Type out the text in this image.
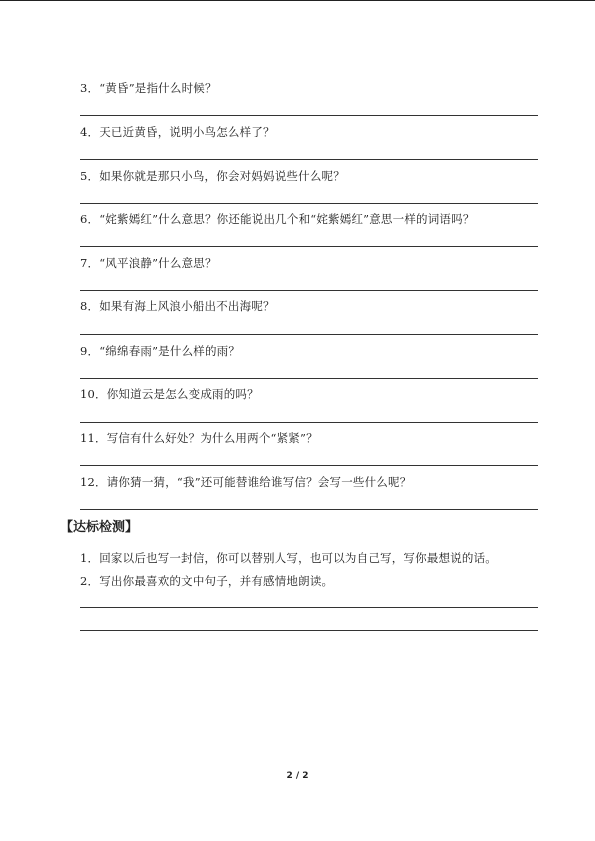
3．“黄昏”是指什么时候？
4．天已近黄昏，说明小鸟怎么样了？
5．如果你就是那只小鸟，你会对妈妈说些什么呢？
6．“姹紫嫣红”什么意思？你还能说出几个和“姹紫嫣红”意思一样的词语吗？
7．“风平浪静”什么意思？
8．如果有海上风浪小船出不出海呢？
9．“绵绵春雨”是什么样的雨？
10．你知道云是怎么变成雨的吗？
11．写信有什么好处？为什么用两个“紧紧”？
12．请你猜一猜，“我”还可能替谁给谁写信？会写一些什么呢？
【达标检测】
1．回家以后也写一封信，你可以替别人写，也可以为自己写，写你最想说的话。
2．写出你最喜欢的文中句子，并有感情地朗读。
2 / 2
